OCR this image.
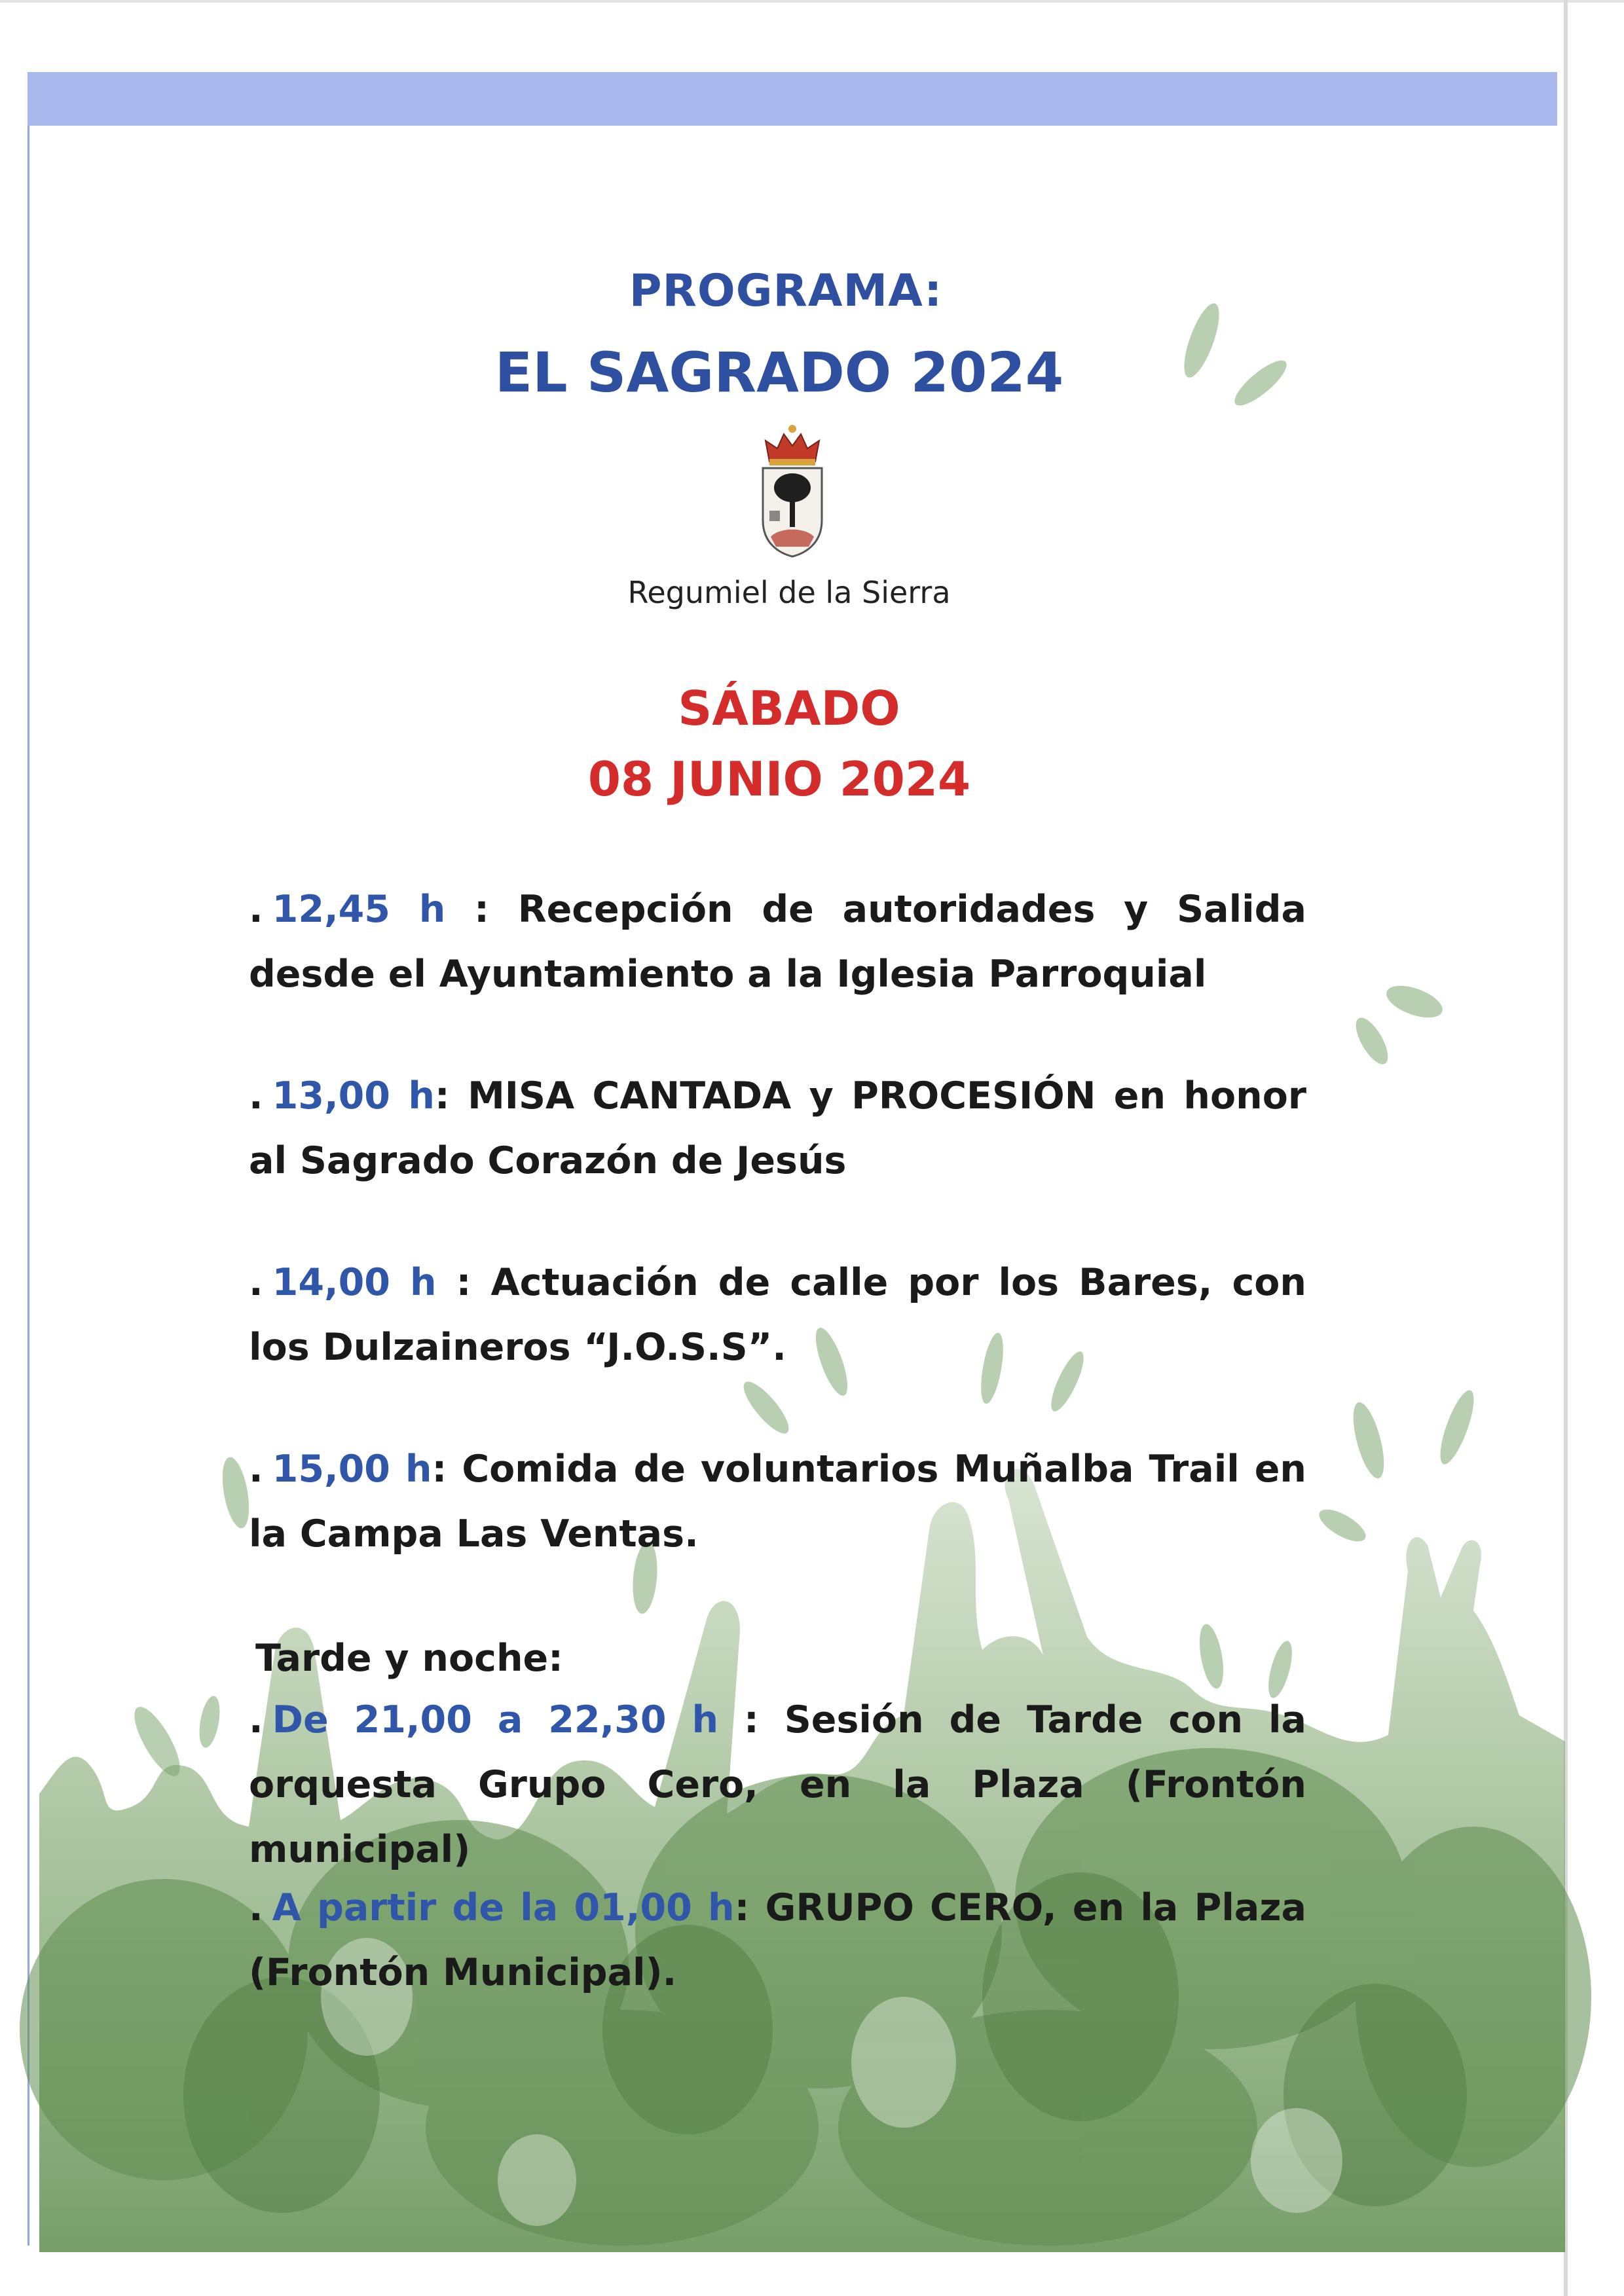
PROGRAMA:
EL SAGRADO 2024
Regumiel de la Sierra
SÁBADO
08 JUNIO 2024
. 12,45 h : Recepción de autoridades y Salida desde el Ayuntamiento a la Iglesia Parroquial
. 13,00 h: MISA CANTADA y PROCESIÓN en honor al Sagrado Corazón de Jesús
. 14,00 h : Actuación de calle por los Bares, con los Dulzaineros “J.O.S.S”.
. 15,00 h: Comida de voluntarios Muñalba Trail en la Campa Las Ventas.
Tarde y noche:
. De 21,00 a 22,30 h : Sesión de Tarde con la orquesta Grupo Cero, en la Plaza (Frontón municipal)
. A partir de la 01,00 h: GRUPO CERO, en la Plaza (Frontón Municipal).
